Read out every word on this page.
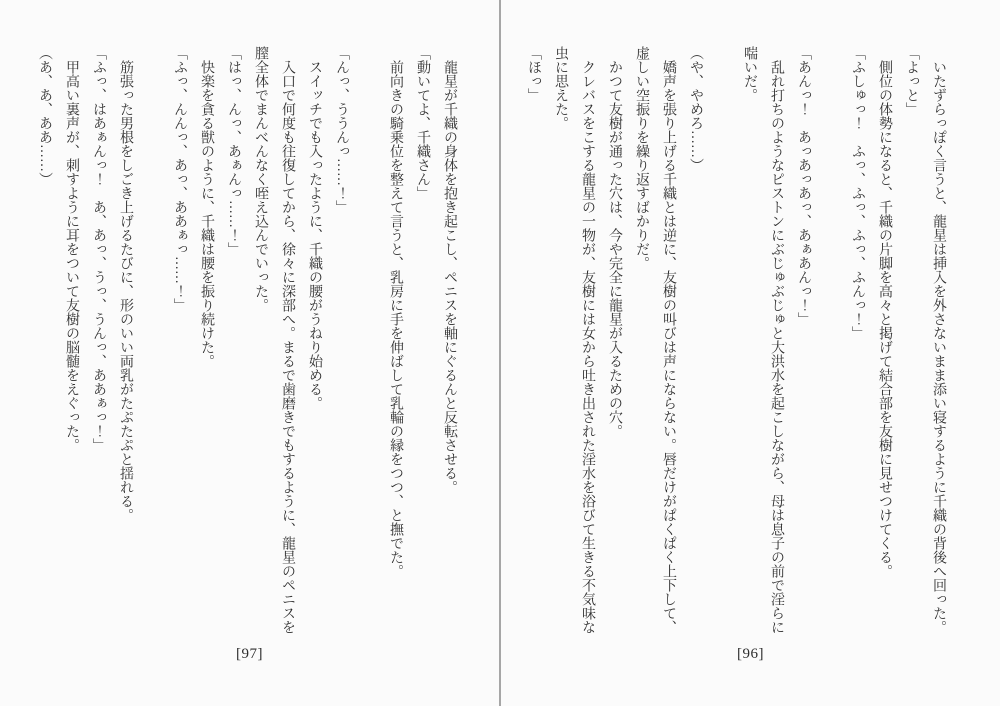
　龍星が千織の身体を抱き起こし、ペニスを軸にぐるんと反転させる。

「動いてよ、千織さん」

　前向きの騎乗位を整えて言うと、乳房に手を伸ばして乳輪の縁をつつ、と撫でた。

「んっ、ううんっ……！」

　スイッチでも入ったように、千織の腰がうねり始める。

　入口で何度も往復してから、徐々に深部へ。まるで歯磨きでもするように、龍星のペニスを膣全体でまんべんなく咥え込んでいった。

「はっ、んっ、あぁんっ……！」

　快楽を貪る獣のように、千織は腰を振り続けた。

「ふっ、んんっ、あっ、ああぁっ……！」

　筋張った男根をしごき上げるたびに、形のいい両乳がたぷたぷと揺れる。

「ふっ、はあぁんっ！　あ、あっ、うっ、うんっ、ああぁっ！」

　甲高い裏声が、刺すように耳をついて友樹の脳髄をえぐった。

（あ、あ、ああ……）

[97]

　いたずらっぽく言うと、龍星は挿入を外さないまま添い寝するように千織の背後へ回った。

「よっと」

　側位の体勢になると、千織の片脚を高々と掲げて結合部を友樹に見せつけてくる。

「ふしゅっ！　ふっ、ふっ、ふっ、ふんっ！」

「あんっ！　あっあっあっ、あぁあんっ！」

　乱れ打ちのようなピストンにぶじゅぶじゅと大洪水を起こしながら、母は息子の前で淫らに喘いだ。

（や、やめろ……）

　嬌声を張り上げる千織とは逆に、友樹の叫びは声にならない。唇だけがぱくぱく上下して、虚しい空振りを繰り返すばかりだ。

　かつて友樹が通った穴は、今や完全に龍星が入るための穴。

　クレバスをこする龍星の一物が、友樹には女から吐き出された淫水を浴びて生きる不気味な虫に思えた。

「ほっ」

[96]
